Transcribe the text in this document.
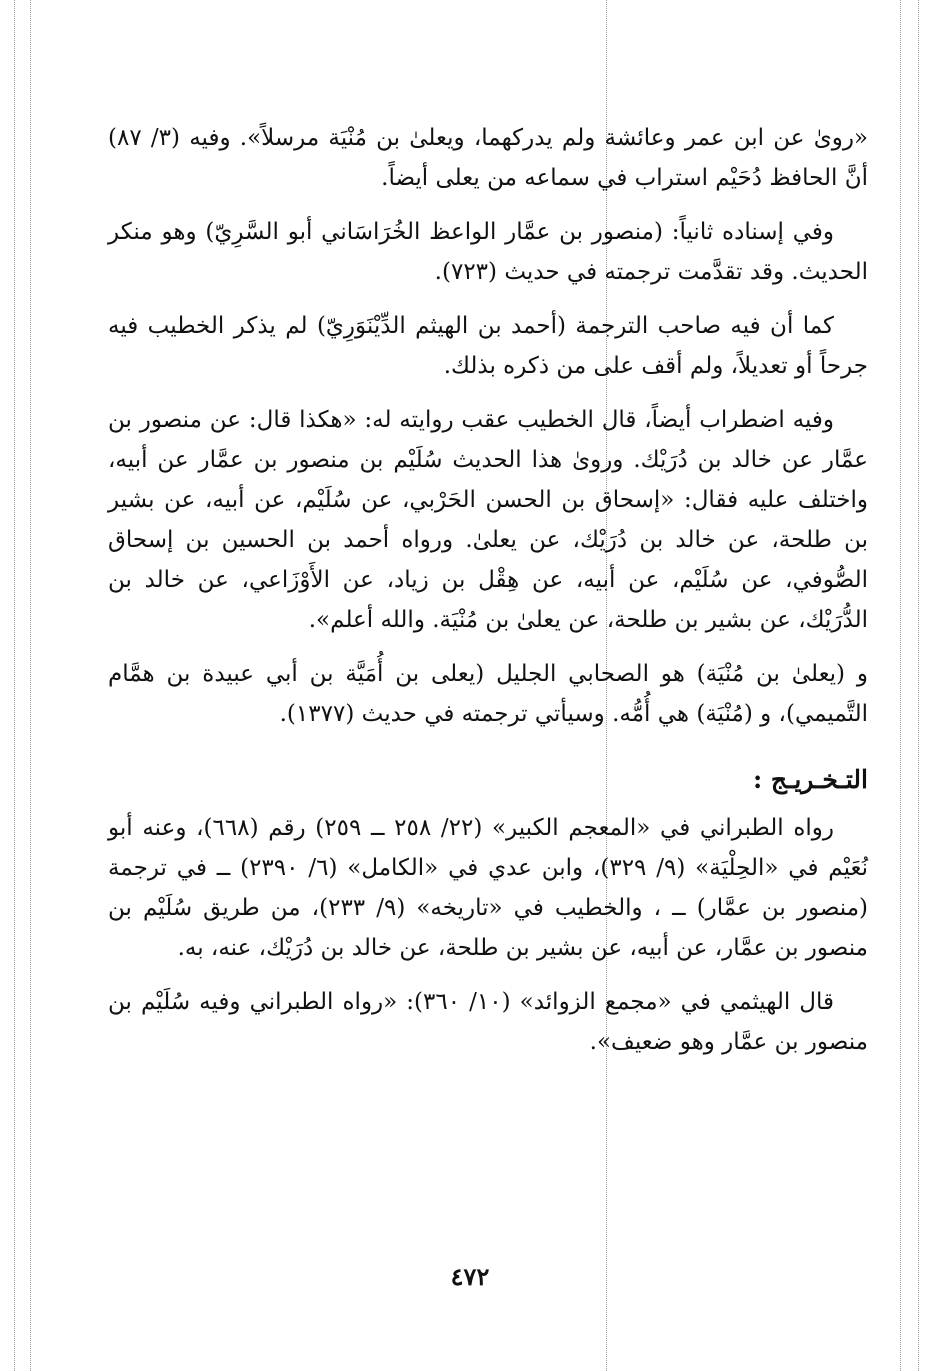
«رویٰ عن ابن عمر وعائشة ولم يدركهما، ويعلىٰ بن مُنْيَة مرسلاً». وفيه (٣/ ٨٧) أنَّ الحافظ دُحَيْم استراب في سماعه من يعلى أيضاً.

وفي إسناده ثانياً: (منصور بن عمَّار الواعظ الخُرَاسَاني أبو السَّرِيّ) وهو منكر الحديث. وقد تقدَّمت ترجمته في حديث (٧٢٣).

كما أن فيه صاحب الترجمة (أحمد بن الهيثم الدِّيْنَوَرِيّ) لم يذكر الخطيب فيه جرحاً أو تعديلاً، ولم أقف على من ذكره بذلك.

وفيه اضطراب أيضاً، قال الخطيب عقب روايته له: «هكذا قال: عن منصور بن عمَّار عن خالد بن دُرَيْك. وروىٰ هذا الحديث سُلَيْم بن منصور بن عمَّار عن أبيه، واختلف عليه فقال: «إسحاق بن الحسن الحَرْبي، عن سُلَيْم، عن أبيه، عن بشير بن طلحة، عن خالد بن دُرَيْك، عن يعلىٰ. ورواه أحمد بن الحسين بن إسحاق الصُّوفي، عن سُلَيْم، عن أبيه، عن هِقْل بن زياد، عن الأَوْزَاعي، عن خالد بن الدُّرَيْك، عن بشير بن طلحة، عن يعلىٰ بن مُنْيَة. والله أعلم».

و (يعلىٰ بن مُنْيَة) هو الصحابي الجليل (يعلى بن أُمَيَّة بن أبي عبيدة بن همَّام التَّميمي)، و (مُنْيَة) هي أُمُّه. وسيأتي ترجمته في حديث (١٣٧٧).

التـخـريـج :

رواه الطبراني في «المعجم الكبير» (٢٢/ ٢٥٨ ــ ٢٥٩) رقم (٦٦٨)، وعنه أبو نُعَيْم في «الحِلْيَة» (٩/ ٣٢٩)، وابن عدي في «الكامل» (٦/ ٢٣٩٠) ــ في ترجمة (منصور بن عمَّار) ــ ، والخطيب في «تاريخه» (٩/ ٢٣٣)، من طريق سُلَيْم بن منصور بن عمَّار، عن أبيه، عن بشير بن طلحة، عن خالد بن دُرَيْك، عنه، به.

قال الهيثمي في «مجمع الزوائد» (١٠/ ٣٦٠): «رواه الطبراني وفيه سُلَيْم بن منصور بن عمَّار وهو ضعيف».

٤٧٢
